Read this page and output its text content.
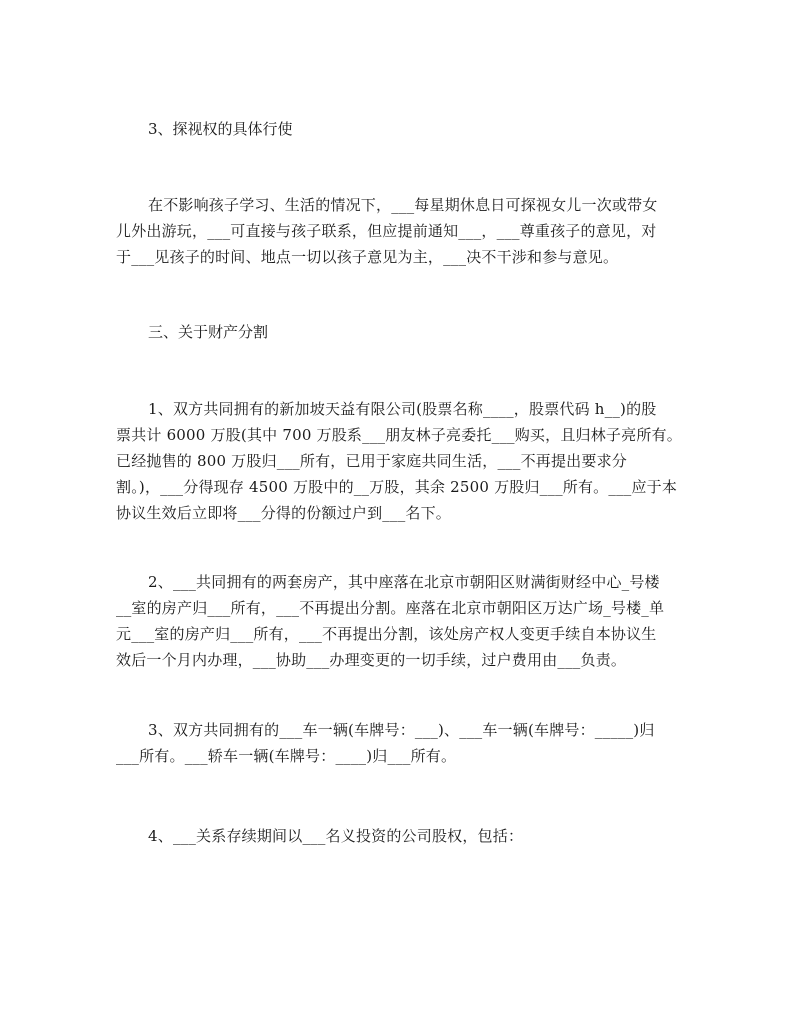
3、探视权的具体行使

在不影响孩子学习、生活的情况下，___每星期休息日可探视女儿一次或带女
儿外出游玩，___可直接与孩子联系，但应提前通知___，___尊重孩子的意见，对
于___见孩子的时间、地点一切以孩子意见为主，___决不干涉和参与意见。

三、关于财产分割

1、双方共同拥有的新加坡天益有限公司(股票名称____，股票代码 h__)的股
票共计 6000 万股(其中 700 万股系___朋友林子亮委托___购买，且归林子亮所有。
已经抛售的 800 万股归___所有，已用于家庭共同生活，___不再提出要求分
割。)，___分得现存 4500 万股中的__万股，其余 2500 万股归___所有。___应于本
协议生效后立即将___分得的份额过户到___名下。
2、___共同拥有的两套房产，其中座落在北京市朝阳区财满街财经中心_号楼
__室的房产归___所有，___不再提出分割。座落在北京市朝阳区万达广场_号楼_单
元___室的房产归___所有，___不再提出分割，该处房产权人变更手续自本协议生
效后一个月内办理，___协助___办理变更的一切手续，过户费用由___负责。
3、双方共同拥有的___车一辆(车牌号：___)、___车一辆(车牌号：_____)归
___所有。___轿车一辆(车牌号：____)归___所有。
4、___关系存续期间以___名义投资的公司股权，包括：
